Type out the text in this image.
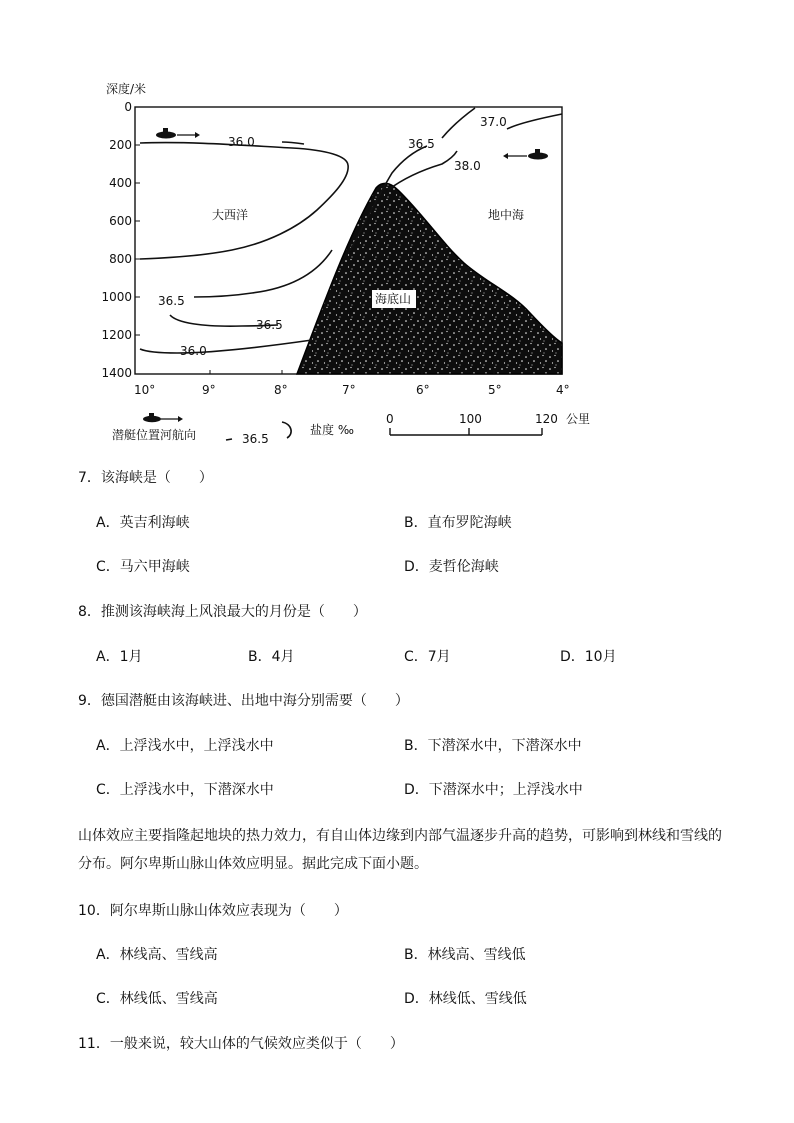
深度/米
0
200
400
600
800
1000
1200
1400
10°	9°	8°	7°	6°	5°	4°
大西洋	地中海
海底山
36.0	36.5
37.0
38.0
36.5
36.5
36.0
潜艇位置河航向	36.5
盐度 ‰
0	100	120 公里
7．该海峡是（　　）
A．英吉利海峡	B．直布罗陀海峡
C．马六甲海峡	D．麦哲伦海峡
8．推测该海峡海上风浪最大的月份是（　　）
A．1月	B．4月	C．7月	D．10月
9．德国潜艇由该海峡进、出地中海分别需要（　　）
A．上浮浅水中，上浮浅水中	B．下潜深水中，下潜深水中
C．上浮浅水中，下潜深水中	D．下潜深水中；上浮浅水中
山体效应主要指隆起地块的热力效力，有自山体边缘到内部气温逐步升高的趋势，可影响到林线和雪线的分布。阿尔卑斯山脉山体效应明显。据此完成下面小题。
10．阿尔卑斯山脉山体效应表现为（　　）
A．林线高、雪线高	B．林线高、雪线低
C．林线低、雪线高	D．林线低、雪线低
11．一般来说，较大山体的气候效应类似于（　　）
